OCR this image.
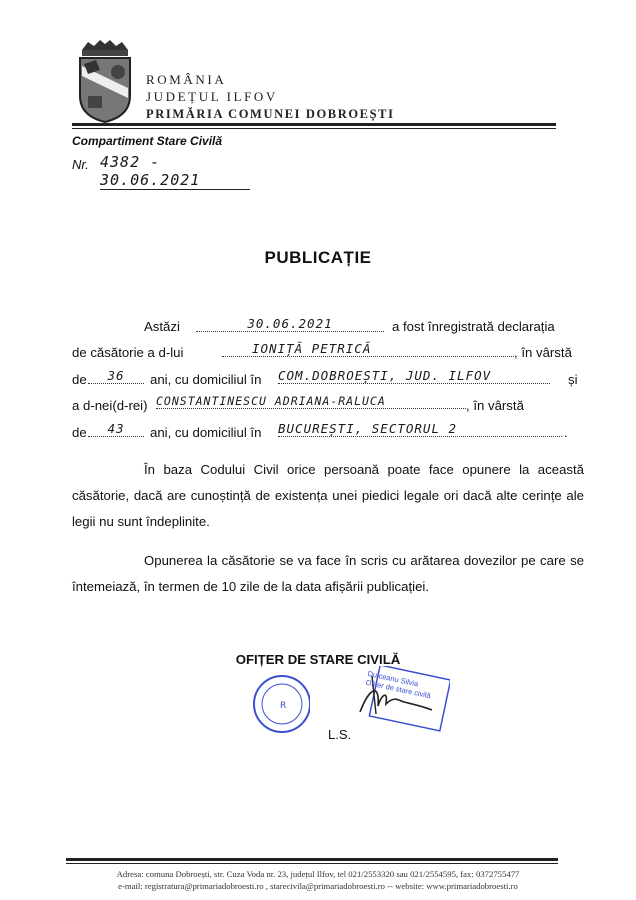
ROMÂNIA
JUDEȚUL ILFOV
PRIMĂRIA COMUNEI DOBROEȘTI
Compartiment Stare Civilă
Nr. 4382 - 30.06.2021
PUBLICAȚIE
Astăzi	30.06.2021	a fost înregistrată declarația
de căsătorie a d-lui	IONIȚĂ PETRICĂ	, în vârstă
de	36	ani, cu domiciliul în COM.DOBROEȘTI, JUD. ILFOV	și
a d-nei(d-rei) CONSTANTINESCU ADRIANA-RALUCA	, în vârstă
de	43	ani, cu domiciliul în BUCUREȘTI, SECTORUL 2	.
În baza Codului Civil orice persoană poate face opunere la această căsătorie, dacă are cunoștință de existența unei piedici legale ori dacă alte cerințe ale legii nu sunt îndeplinite.
Opunerea la căsătorie se va face în scris cu arătarea dovezilor pe care se întemeiază, în termen de 10 zile de la data afișării publicației.
OFIȚER DE STARE CIVILĂ
R
Dulceanu Silvia Ofițer de stare civilă
L.S.
Adresa: comuna Dobroești, str. Cuza Voda nr. 23, județul Ilfov, tel 021/2553320 sau 021/2554595, fax: 0372755477
e-mail: registratura@primariadobroesti.ro , starecivila@primariadobroesti.ro -- website: www.primariadobroesti.ro
